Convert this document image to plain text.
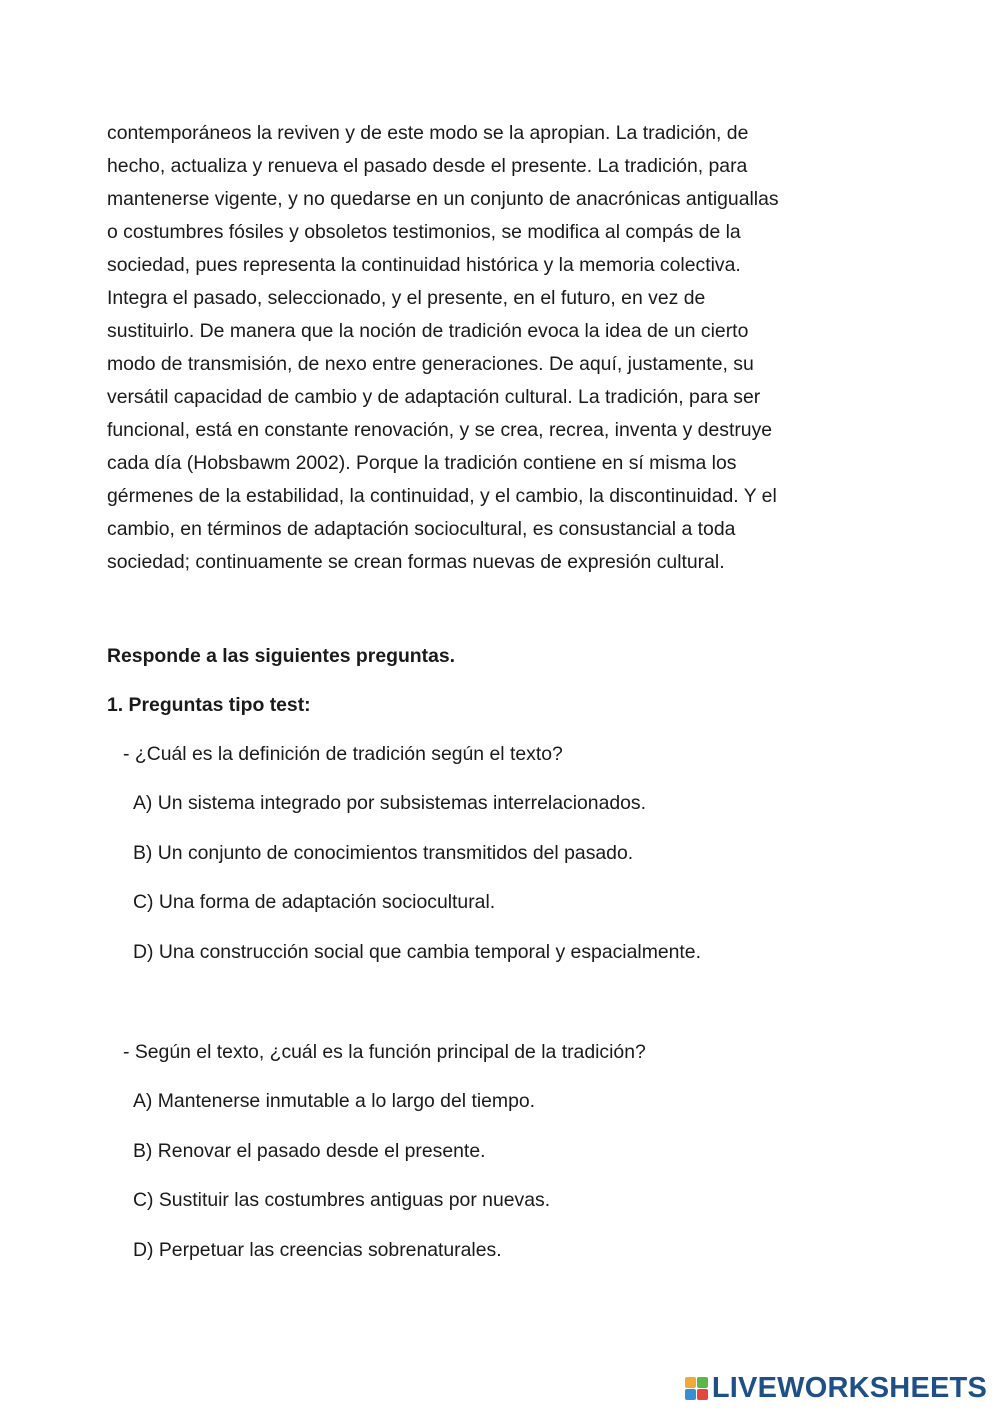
contemporáneos la reviven y de este modo se la apropian. La tradición, de
hecho, actualiza y renueva el pasado desde el presente. La tradición, para
mantenerse vigente, y no quedarse en un conjunto de anacrónicas antiguallas
o costumbres fósiles y obsoletos testimonios, se modifica al compás de la
sociedad, pues representa la continuidad histórica y la memoria colectiva.
Integra el pasado, seleccionado, y el presente, en el futuro, en vez de
sustituirlo. De manera que la noción de tradición evoca la idea de un cierto
modo de transmisión, de nexo entre generaciones. De aquí, justamente, su
versátil capacidad de cambio y de adaptación cultural. La tradición, para ser
funcional, está en constante renovación, y se crea, recrea, inventa y destruye
cada día (Hobsbawm 2002). Porque la tradición contiene en sí misma los
gérmenes de la estabilidad, la continuidad, y el cambio, la discontinuidad. Y el
cambio, en términos de adaptación sociocultural, es consustancial a toda
sociedad; continuamente se crean formas nuevas de expresión cultural.
Responde a las siguientes preguntas.
1. Preguntas tipo test:
- ¿Cuál es la definición de tradición según el texto?
A) Un sistema integrado por subsistemas interrelacionados.
B) Un conjunto de conocimientos transmitidos del pasado.
C) Una forma de adaptación sociocultural.
D) Una construcción social que cambia temporal y espacialmente.
- Según el texto, ¿cuál es la función principal de la tradición?
A) Mantenerse inmutable a lo largo del tiempo.
B) Renovar el pasado desde el presente.
C) Sustituir las costumbres antiguas por nuevas.
D) Perpetuar las creencias sobrenaturales.
LIVEWORKSHEETS
